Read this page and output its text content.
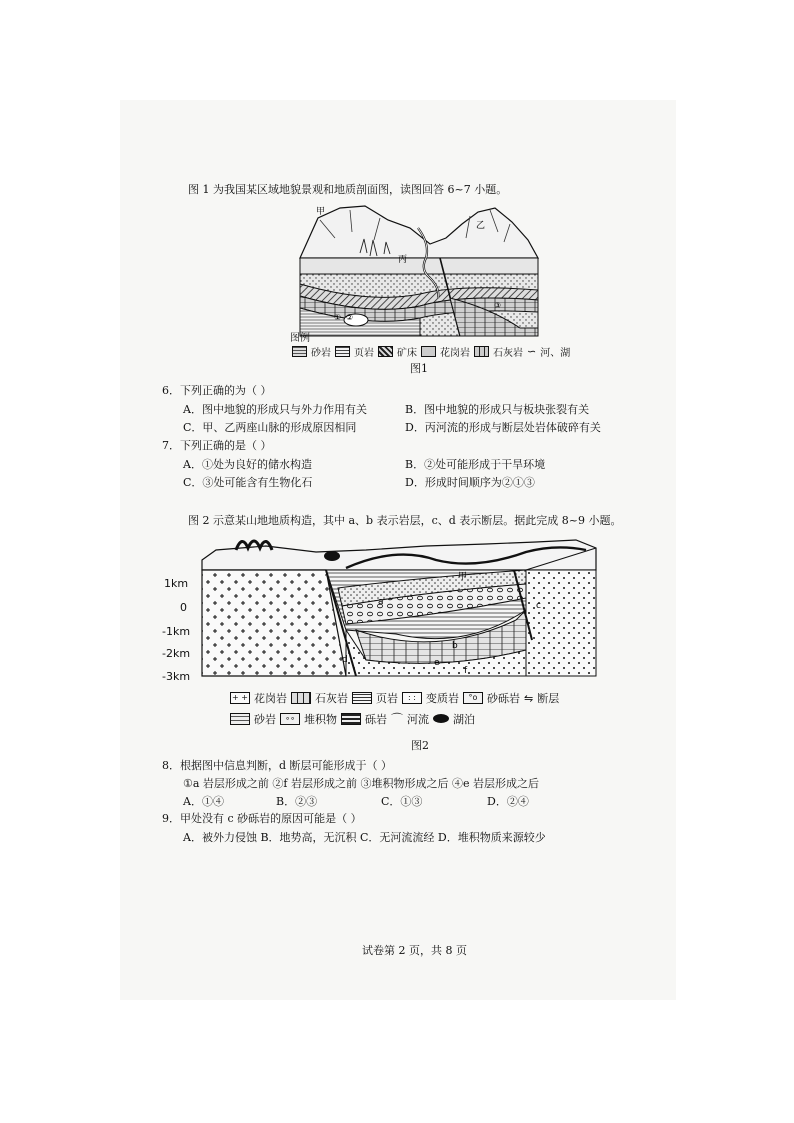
图 1 为我国某区域地貌景观和地质剖面图，读图回答 6~7 小题。
甲
乙
丙
① ②
③
图例
砂岩 页岩 矿床 花岗岩 石灰岩 ∽ 河、湖
图1
6．下列正确的为（ ）
A．图中地貌的形成只与外力作用有关	B．图中地貌的形成只与板块张裂有关
C．甲、乙两座山脉的形成原因相同	D．丙河流的形成与断层处岩体破碎有关
7．下列正确的是（ ）
A．①处为良好的储水构造	B．②处可能形成于干旱环境
C．③处可能含有生物化石	D．形成时间顺序为②①③
图 2 示意某山地地质构造，其中 a、b 表示岩层，c、d 表示断层。据此完成 8~9 小题。
1km
0
-1km
-2km
-3km
甲
a
b
c
d	e
f
+ + 花岗岩	石灰岩	页岩	: : 变质岩	°o 砂砾岩 ⇋ 断层
砂岩	∘∘ 堆积物	砾岩 ⌒ 河流 湖泊
图2
8．根据图中信息判断，d 断层可能形成于（ ）
①a 岩层形成之前 ②f 岩层形成之前 ③堆积物形成之后 ④e 岩层形成之后
A．①④	B．②③	C．①③	D．②④
9．甲处没有 c 砂砾岩的原因可能是（ ）
A．被外力侵蚀 B．地势高，无沉积 C．无河流流经 D．堆积物质来源较少
试卷第 2 页，共 8 页
